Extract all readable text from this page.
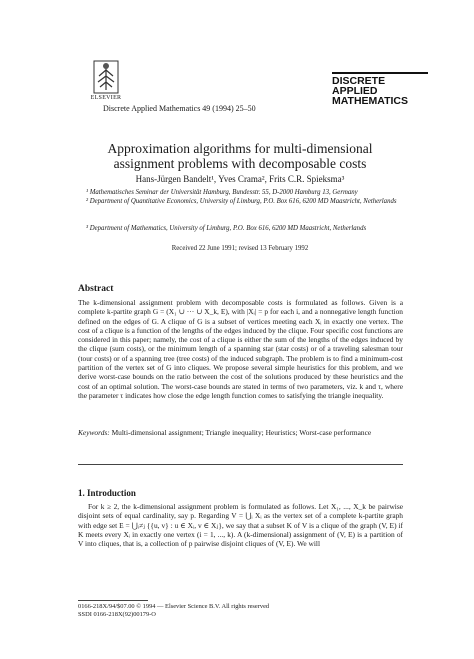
ELSEVIER
Discrete Applied Mathematics 49 (1994) 25–50
DISCRETE
APPLIED
MATHEMATICS
Approximation algorithms for multi-dimensional assignment problems with decomposable costs
Hans-Jürgen Bandelt¹, Yves Crama², Frits C.R. Spieksma³
¹ Mathematisches Seminar der Universität Hamburg, Bundesstr. 55, D-2000 Hamburg 13, Germany
² Department of Quantitative Economics, University of Limburg, P.O. Box 616, 6200 MD Maastricht, Netherlands
³ Department of Mathematics, University of Limburg, P.O. Box 616, 6200 MD Maastricht, Netherlands
Received 22 June 1991; revised 13 February 1992
Abstract
The k-dimensional assignment problem with decomposable costs is formulated as follows. Given is a complete k-partite graph G = (X₁ ∪ ··· ∪ X_k, E), with |Xᵢ| = p for each i, and a nonnegative length function defined on the edges of G. A clique of G is a subset of vertices meeting each Xᵢ in exactly one vertex. The cost of a clique is a function of the lengths of the edges induced by the clique. Four specific cost functions are considered in this paper; namely, the cost of a clique is either the sum of the lengths of the edges induced by the clique (sum costs), or the minimum length of a spanning star (star costs) or of a traveling salesman tour (tour costs) or of a spanning tree (tree costs) of the induced subgraph. The problem is to find a minimum-cost partition of the vertex set of G into cliques. We propose several simple heuristics for this problem, and we derive worst-case bounds on the ratio between the cost of the solutions produced by these heuristics and the cost of an optimal solution. The worst-case bounds are stated in terms of two parameters, viz. k and τ, where the parameter τ indicates how close the edge length function comes to satisfying the triangle inequality.
Keywords: Multi-dimensional assignment; Triangle inequality; Heuristics; Worst-case performance
1. Introduction
For k ≥ 2, the k-dimensional assignment problem is formulated as follows. Let X₁, ..., X_k be pairwise disjoint sets of equal cardinality, say p. Regarding V = ⋃ᵢ Xᵢ as the vertex set of a complete k-partite graph with edge set E = ⋃ᵢ≠ⱼ {{u, v} : u ∈ Xᵢ, v ∈ Xⱼ}, we say that a subset K of V is a clique of the graph (V, E) if K meets every Xᵢ in exactly one vertex (i = 1, ..., k). A (k-dimensional) assignment of (V, E) is a partition of V into cliques, that is, a collection of p pairwise disjoint cliques of (V, E). We will
0166-218X/94/$07.00 © 1994 — Elsevier Science B.V. All rights reserved
SSDI 0166-218X(92)00179-O
